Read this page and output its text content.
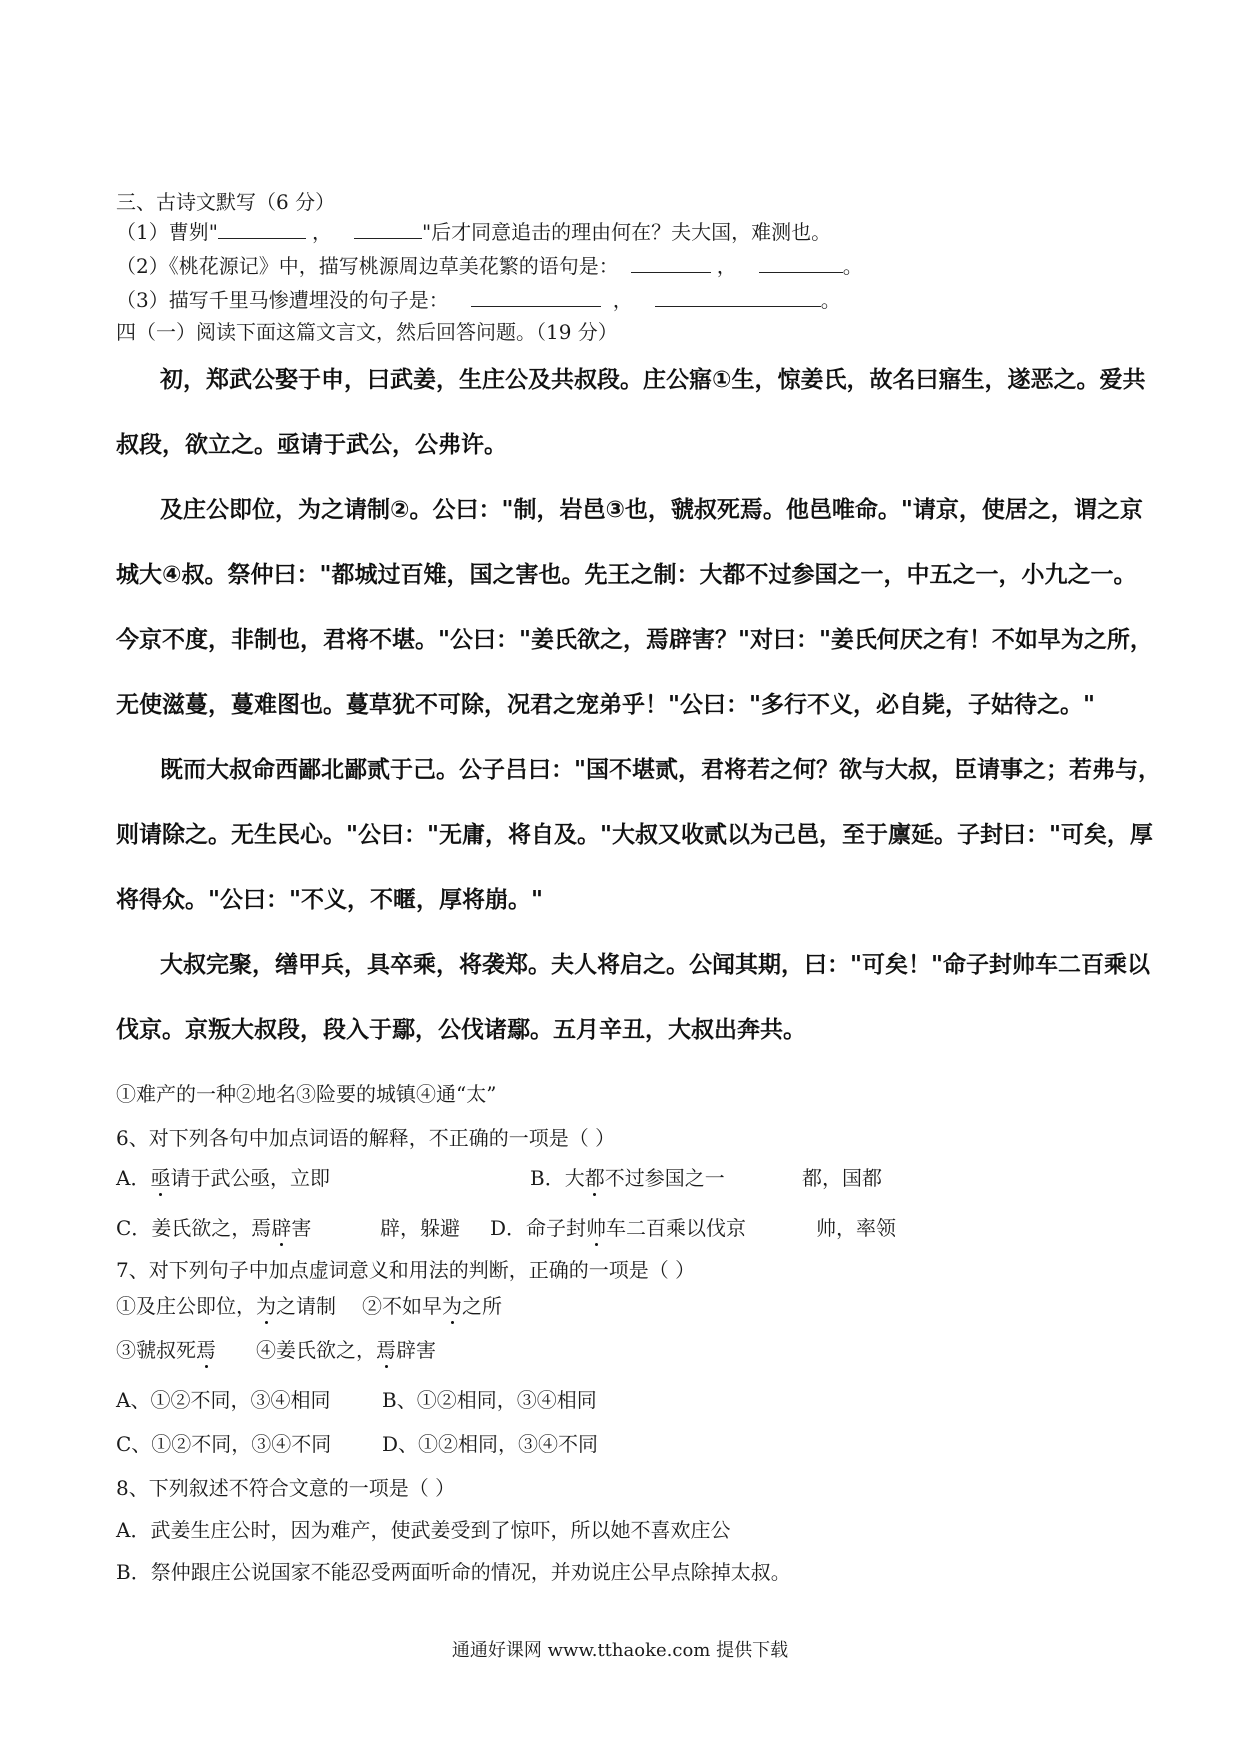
三、古诗文默写（6 分）
（1）曹刿"	，	"后才同意追击的理由何在？夫大国，难测也。
（2）《桃花源记》中，描写桃源周边草美花繁的语句是：	，	。
（3）描写千里马惨遭埋没的句子是：	，	。
四（一）阅读下面这篇文言文，然后回答问题。（19 分）
初，郑武公娶于申，曰武姜，生庄公及共叔段。庄公寤①生，惊姜氏，故名曰寤生，遂恶之。爱共
叔段，欲立之。亟请于武公，公弗许。
及庄公即位，为之请制②。公曰："制，岩邑③也，虢叔死焉。他邑唯命。"请京，使居之，谓之京
城大④叔。祭仲曰："都城过百雉，国之害也。先王之制：大都不过参国之一，中五之一，小九之一。
今京不度，非制也，君将不堪。"公曰："姜氏欲之，焉辟害？"对曰："姜氏何厌之有！不如早为之所，
无使滋蔓，蔓难图也。蔓草犹不可除，况君之宠弟乎！"公曰："多行不义，必自毙，子姑待之。"
既而大叔命西鄙北鄙贰于己。公子吕曰："国不堪贰，君将若之何？欲与大叔，臣请事之；若弗与，
则请除之。无生民心。"公曰："无庸，将自及。"大叔又收贰以为己邑，至于廪延。子封曰："可矣，厚
将得众。"公曰："不义，不暱，厚将崩。"
大叔完聚，缮甲兵，具卒乘，将袭郑。夫人将启之。公闻其期，曰："可矣！"命子封帅车二百乘以
伐京。京叛大叔段，段入于鄢，公伐诸鄢。五月辛丑，大叔出奔共。
①难产的一种②地名③险要的城镇④通“太”
6、对下列各句中加点词语的解释，不正确的一项是（ ）
A．亟请于武公亟，立即	B．大都不过参国之一	都，国都
C．姜氏欲之，焉辟害	辟，躲避 D．命子封帅车二百乘以伐京	帅，率领
7、对下列句子中加点虚词意义和用法的判断，正确的一项是（ ）
①及庄公即位，为之请制 ②不如早为之所
③虢叔死焉 ④姜氏欲之，焉辟害
A、①②不同，③④相同	B、①②相同，③④相同
C、①②不同，③④不同	D、①②相同，③④不同
8、下列叙述不符合文意的一项是（ ）
A．武姜生庄公时，因为难产，使武姜受到了惊吓，所以她不喜欢庄公
B．祭仲跟庄公说国家不能忍受两面听命的情况，并劝说庄公早点除掉太叔。
通通好课网 www.tthaoke.com 提供下载
